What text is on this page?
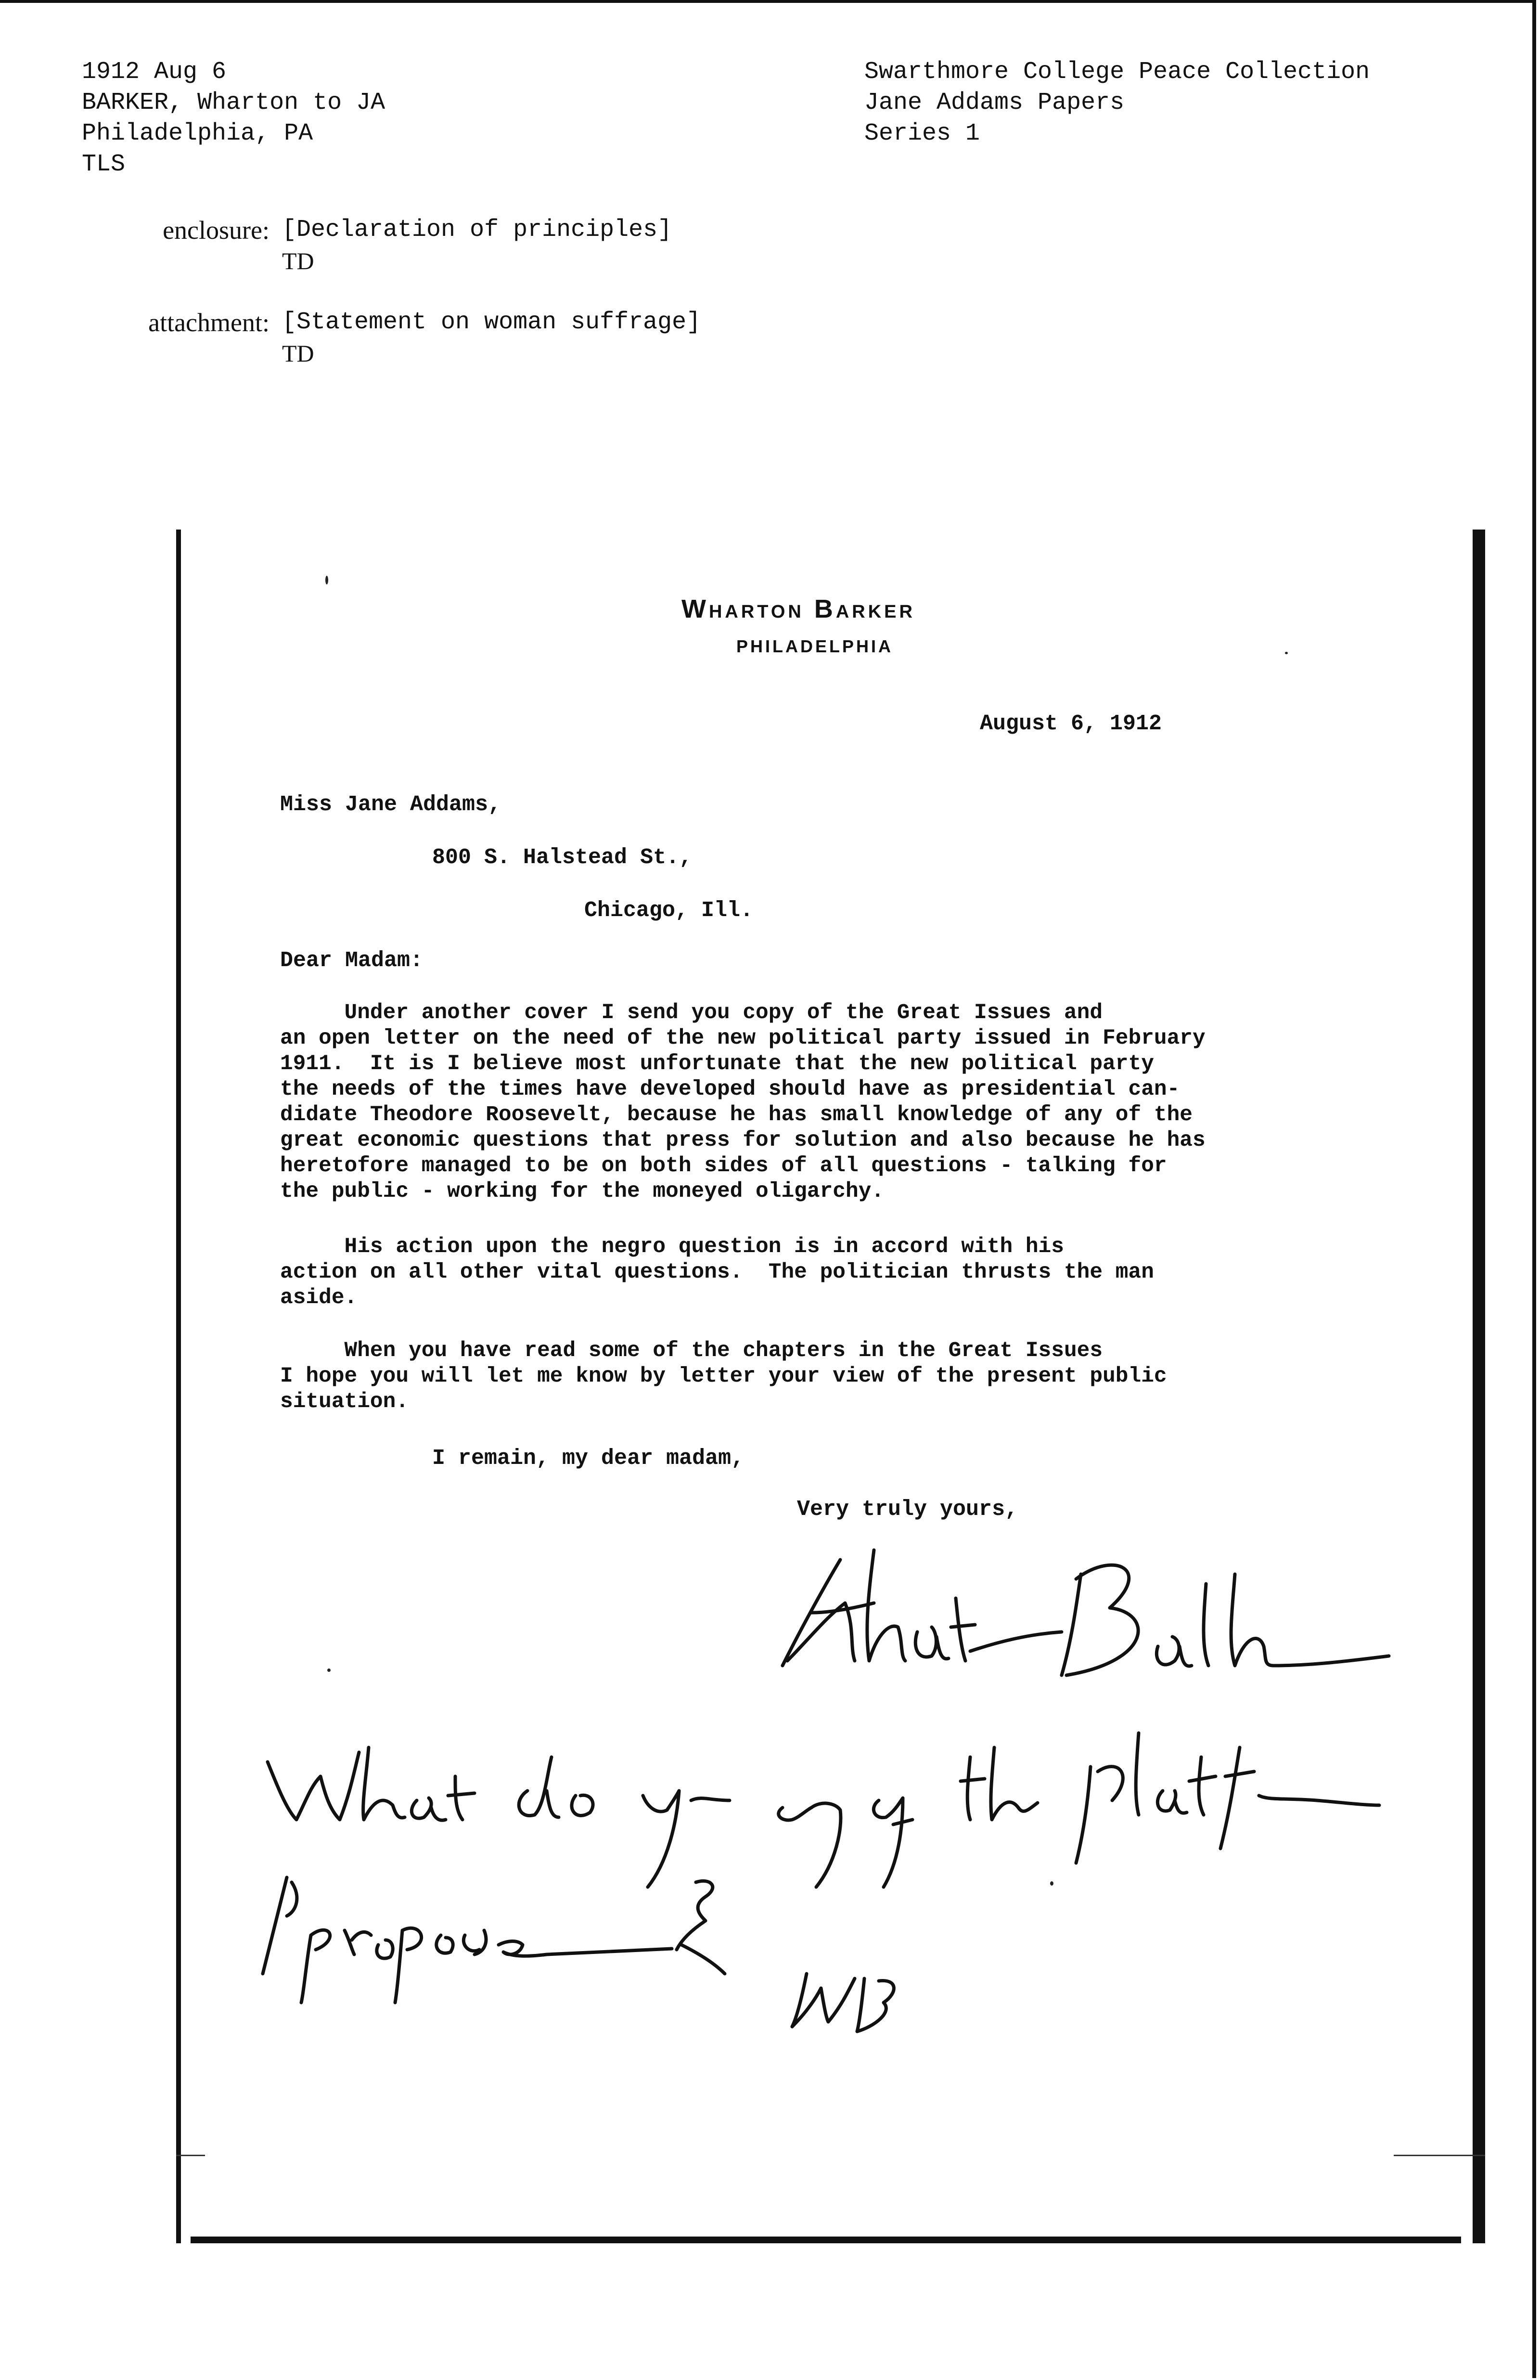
1912 Aug 6
BARKER, Wharton to JA
Philadelphia, PA
TLS
Swarthmore College Peace Collection
Jane Addams Papers
Series 1
enclosure: [Declaration of principles]
TD
attachment: [Statement on woman suffrage]
TD
Wharton Barker
PHILADELPHIA
August 6, 1912
Miss Jane Addams,
800 S. Halstead St.,
Chicago, Ill.
Dear Madam:
Under another cover I send you copy of the Great Issues and
an open letter on the need of the new political party issued in February
1911.  It is I believe most unfortunate that the new political party
the needs of the times have developed should have as presidential can-
didate Theodore Roosevelt, because he has small knowledge of any of the
great economic questions that press for solution and also because he has
heretofore managed to be on both sides of all questions - talking for
the public - working for the moneyed oligarchy.
His action upon the negro question is in accord with his
action on all other vital questions.  The politician thrusts the man
aside.
When you have read some of the chapters in the Great Issues
I hope you will let me know by letter your view of the present public
situation.
I remain, my dear madam,
Very truly yours,
